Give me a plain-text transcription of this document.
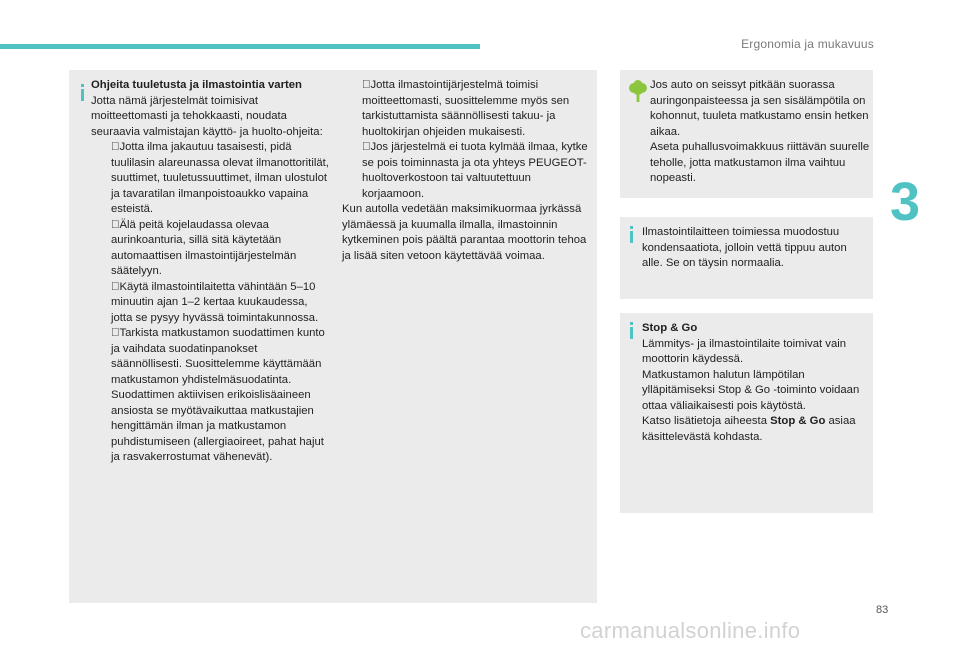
Ergonomia ja mukavuus
3

Ohjeita tuuletusta ja ilmastointia varten

Jotta nämä järjestelmät toimisivat moitteettomasti ja tehokkaasti, noudata seuraavia valmistajan käyttö- ja huolto-ohjeita:

Jotta ilma jakautuu tasaisesti, pidä tuulilasin alareunassa olevat ilmanottoritilät, suuttimet, tuuletussuuttimet, ilman ulostulot ja tavaratilan ilmanpoistoaukko vapaina esteistä.

Älä peitä kojelaudassa olevaa aurinkoanturia, sillä sitä käytetään automaattisen ilmastointijärjestelmän säätelyyn.

Käytä ilmastointilaitetta vähintään 5–10 minuutin ajan 1–2 kertaa kuukaudessa, jotta se pysyy hyvässä toimintakunnossa.

Tarkista matkustamon suodattimen kunto ja vaihdata suodatinpanokset säännöllisesti. Suosittelemme käyttämään matkustamon yhdistelmäsuodatinta. Suodattimen aktiivisen erikoislisäaineen ansiosta se myötävaikuttaa matkustajien hengittämän ilman ja matkustamon puhdistumiseen (allergiaoireet, pahat hajut ja rasvakerrostumat vähenevät).

Jotta ilmastointijärjestelmä toimisi moitteettomasti, suosittelemme myös sen tarkistuttamista säännöllisesti takuu- ja huoltokirjan ohjeiden mukaisesti.

Jos järjestelmä ei tuota kylmää ilmaa, kytke se pois toiminnasta ja ota yhteys PEUGEOT-huoltoverkostoon tai valtuutettuun korjaamoon.

Kun autolla vedetään maksimikuormaa jyrkässä ylämäessä ja kuumalla ilmalla, ilmastoinnin kytkeminen pois päältä parantaa moottorin tehoa ja lisää siten vetoon käytettävää voimaa.

Jos auto on seissyt pitkään suorassa auringonpaisteessa ja sen sisälämpötila on kohonnut, tuuleta matkustamo ensin hetken aikaa.

Aseta puhallusvoimakkuus riittävän suurelle teholle, jotta matkustamon ilma vaihtuu nopeasti.

Ilmastointilaitteen toimiessa muodostuu kondensaatiota, jolloin vettä tippuu auton alle. Se on täysin normaalia.

Stop & Go

Lämmitys- ja ilmastointilaite toimivat vain moottorin käydessä.

Matkustamon halutun lämpötilan ylläpitämiseksi Stop & Go -toiminto voidaan ottaa väliaikaisesti pois käytöstä.

Katso lisätietoja aiheesta Stop & Go asiaa käsittelevästä kohdasta.

83
carmanualsonline.info
